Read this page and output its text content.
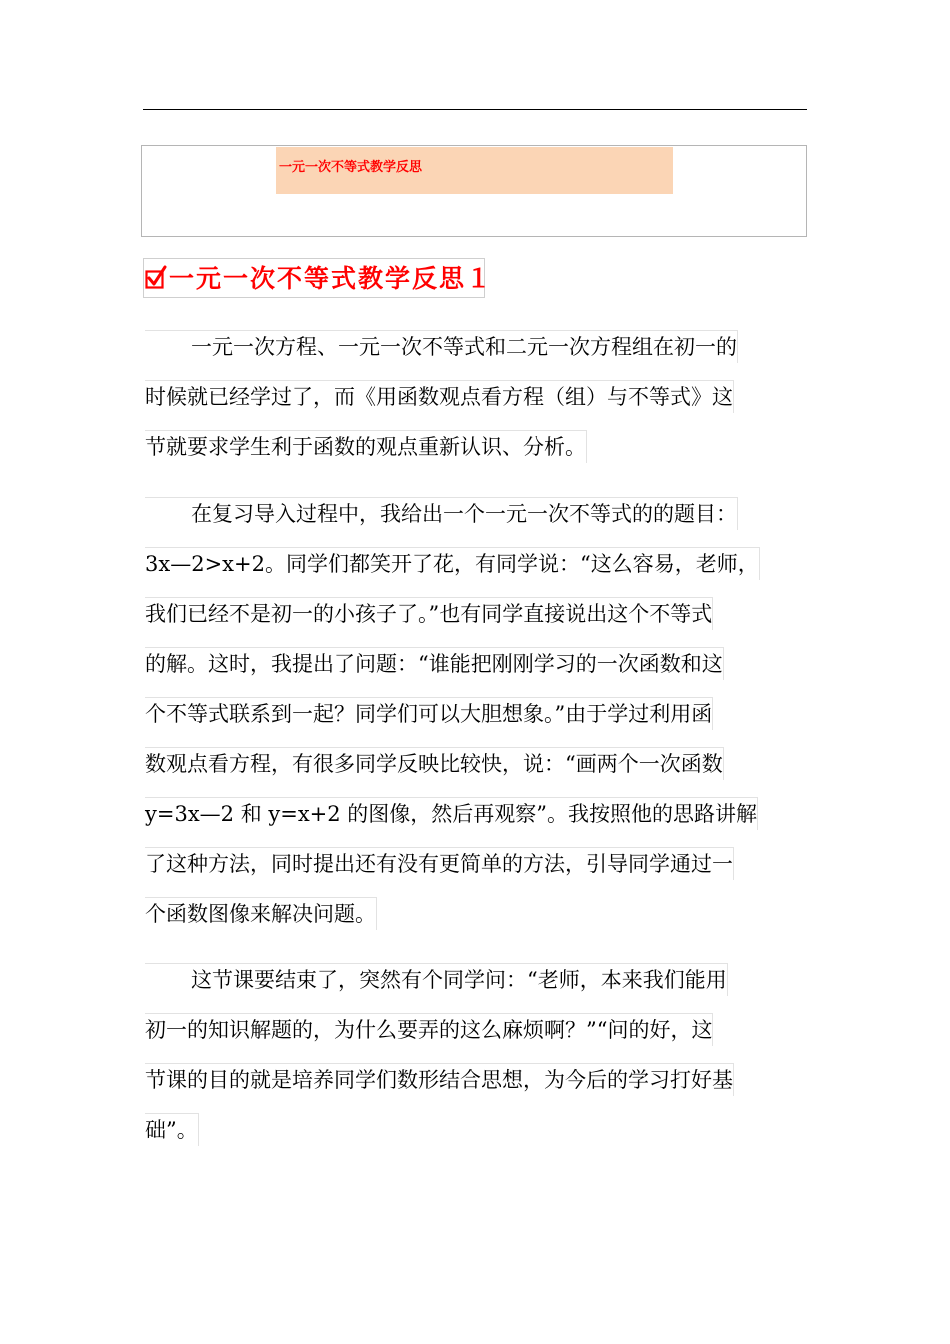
一元一次不等式教学反思
一元一次不等式教学反思１
一元一次方程、一元一次不等式和二元一次方程组在初一的
时候就已经学过了，而《用函数观点看方程（组）与不等式》这
节就要求学生利于函数的观点重新认识、分析。
在复习导入过程中，我给出一个一元一次不等式的的题目：
3x—2>x+2。同学们都笑开了花，有同学说：“这么容易，老师，
我们已经不是初一的小孩子了。”也有同学直接说出这个不等式
的解。这时，我提出了问题：“谁能把刚刚学习的一次函数和这
个不等式联系到一起？同学们可以大胆想象。”由于学过利用函
数观点看方程，有很多同学反映比较快，说：“画两个一次函数
y=3x—2 和 y=x+2 的图像，然后再观察”。我按照他的思路讲解
了这种方法，同时提出还有没有更简单的方法，引导同学通过一
个函数图像来解决问题。
这节课要结束了，突然有个同学问：“老师，本来我们能用
初一的知识解题的，为什么要弄的这么麻烦啊？”“问的好，这
节课的目的就是培养同学们数形结合思想，为今后的学习打好基
础”。
